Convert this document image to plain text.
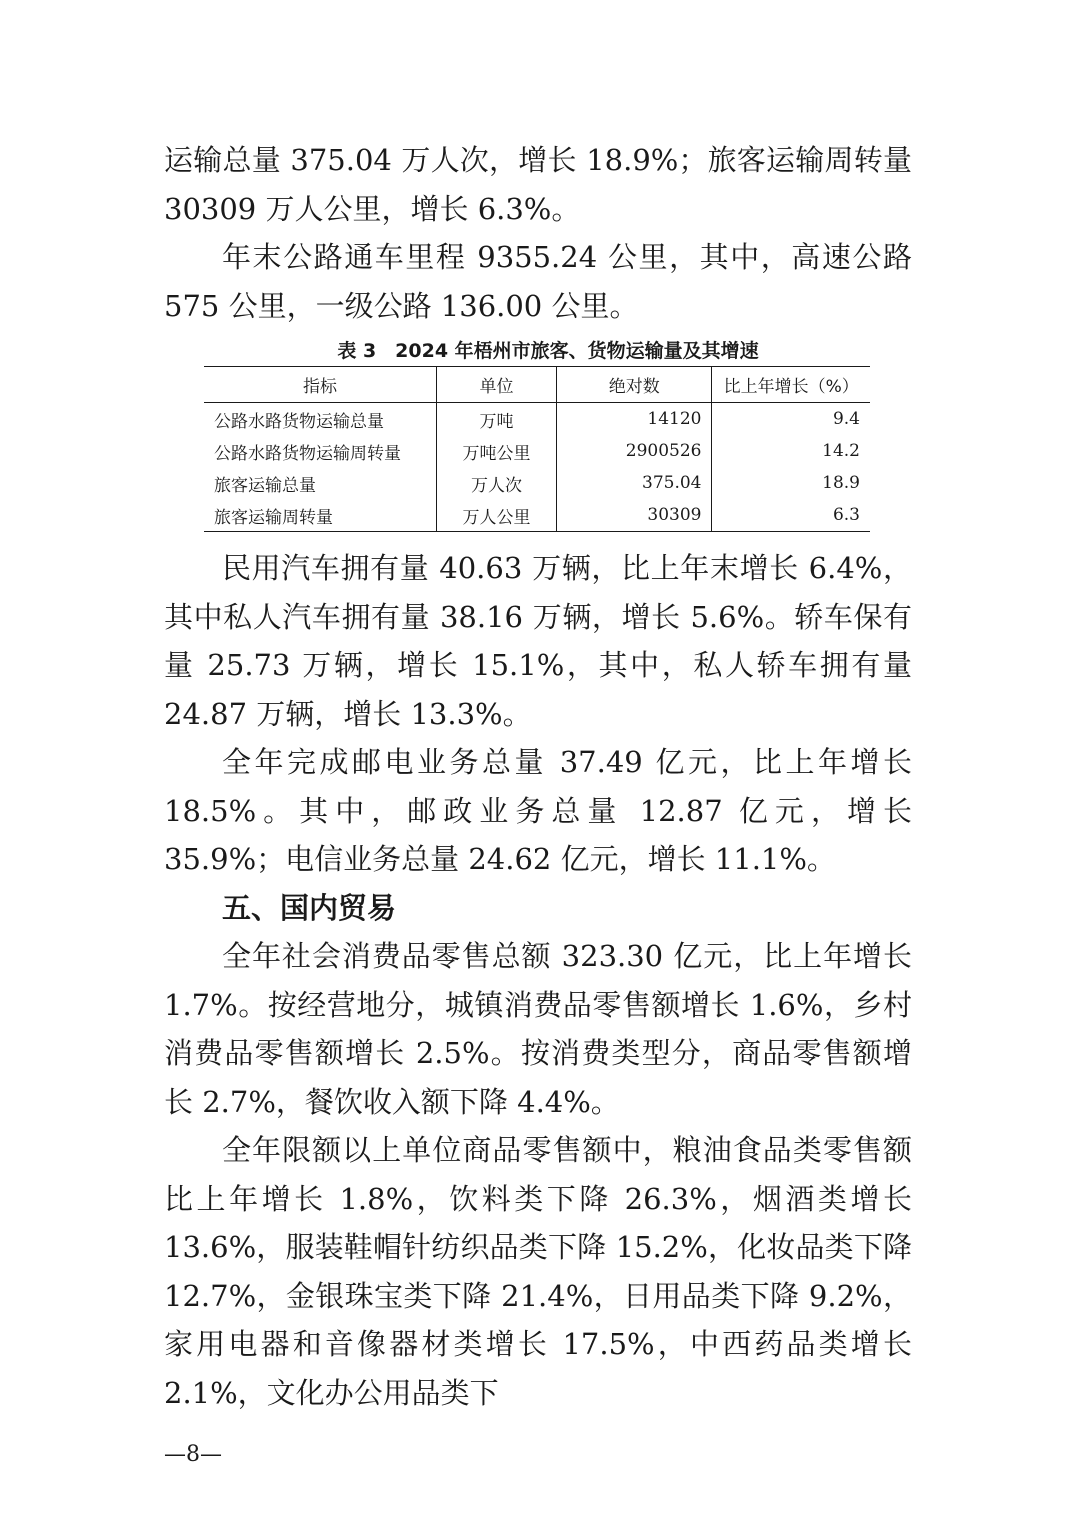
运输总量 375.04 万人次，增长 18.9%；旅客运输周转量 30309 万人公里，增长 6.3%。

年末公路通车里程 9355.24 公里，其中，高速公路 575 公里，一级公路 136.00 公里。

表 3　2024 年梧州市旅客、货物运输量及其增速
指标	单位	绝对数	比上年增长（%）
公路水路货物运输总量	万吨	14120	9.4
公路水路货物运输周转量	万吨公里	2900526	14.2
旅客运输总量	万人次	375.04	18.9
旅客运输周转量	万人公里	30309	6.3

民用汽车拥有量 40.63 万辆，比上年末增长 6.4%，其中私人汽车拥有量 38.16 万辆，增长 5.6%。轿车保有量 25.73 万辆，增长 15.1%，其中，私人轿车拥有量 24.87 万辆，增长 13.3%。

全年完成邮电业务总量 37.49 亿元，比上年增长 18.5%。其中，邮政业务总量 12.87 亿元，增长 35.9%；电信业务总量 24.62 亿元，增长 11.1%。

五、国内贸易

全年社会消费品零售总额 323.30 亿元，比上年增长 1.7%。按经营地分，城镇消费品零售额增长 1.6%，乡村消费品零售额增长 2.5%。按消费类型分，商品零售额增长 2.7%，餐饮收入额下降 4.4%。

全年限额以上单位商品零售额中，粮油食品类零售额比上年增长 1.8%，饮料类下降 26.3%，烟酒类增长 13.6%，服装鞋帽针纺织品类下降 15.2%，化妆品类下降 12.7%，金银珠宝类下降 21.4%，日用品类下降 9.2%，家用电器和音像器材类增长 17.5%，中西药品类增长 2.1%，文化办公用品类下

—8—
